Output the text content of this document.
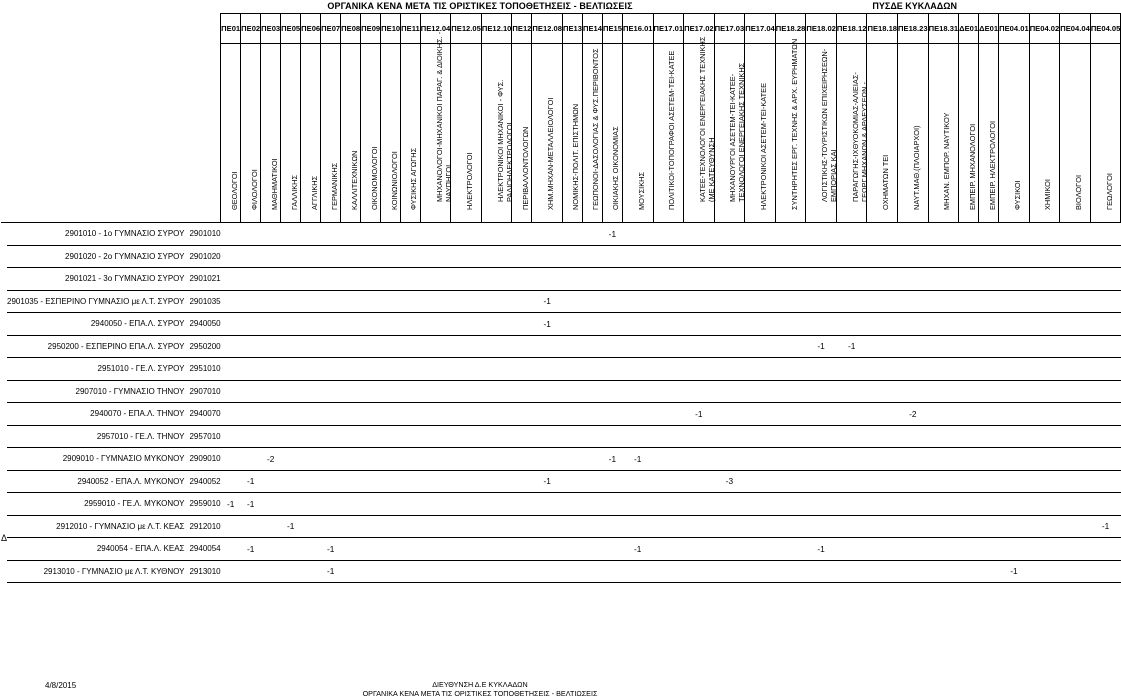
ΟΡΓΑΝΙΚΑ ΚΕΝΑ ΜΕΤΑ ΤΙΣ ΟΡΙΣΤΙΚΕΣ ΤΟΠΟΘΕΤΗΣΕΙΣ - ΒΕΛΤΙΩΣΕΙΣ	ΠΥΣΔΕ ΚΥΚΛΑΔΩΝ
			ΠΕ01	ΠΕ02	ΠΕ03	ΠΕ05	ΠΕ06	ΠΕ07	ΠΕ08	ΠΕ09	ΠΕ10	ΠΕ11	ΠΕ12.04	ΠΕ12.05	ΠΕ12.10	ΠΕ12	ΠΕ12.08	ΠΕ13	ΠΕ14	ΠΕ15	ΠΕ16.01	ΠΕ17.01	ΠΕ17.02	ΠΕ17.03	ΠΕ17.04	ΠΕ18.28	ΠΕ18.02	ΠΕ18.12	ΠΕ18.18	ΠΕ18.23	ΠΕ18.31	ΔΕ01	ΔΕ01	ΠΕ04.01	ΠΕ04.02	ΠΕ04.04	ΠΕ04.05

			ΘΕΟΛΟΓΟΙ	ΦΙΛΟΛΟΓΟΙ	ΜΑΘΗΜΑΤΙΚΟΙ	ΓΑΛΛΙΚΗΣ	ΑΓΓΛΙΚΗΣ	ΓΕΡΜΑΝΙΚΗΣ	ΚΑΛΛΙΤΕΧΝΙΚΩΝ	ΟΙΚΟΝΟΜΟΛΟΓΟΙ	ΚΟΙΝΩΝΙΟΛΟΓΟΙ	ΦΥΣΙΚΗΣ ΑΓΩΓΗΣ	ΜΗΧΑΝΟΛΟΓΟΙ-ΜΗΧΑΝΙΚΟΙ ΠΑΡΑΓ. & ΔΙΟΙΚΗΣ. - ΝΑΥΠΗΓΟΙ	ΗΛΕΚΤΡΟΛΟΓΟΙ	ΗΛΕΚΤΡΟΝΙΚΟΙ ΜΗΧΑΝΙΚΟΙ - ΦΥΣ. ΡΑΔΙΟΗΛΕΚΤΡΟΛΟΓΟΙ	ΠΕΡΙΒΑΛΛΟΝΤΟΛΟΓΩΝ	ΧΗΜ.ΜΗΧΑΝ-ΜΕΤΑΛΛΕΙΟΛΟΓΟΙ	ΝΟΜΙΚΗΣ-ΠΟΛΙΤ. ΕΠΙΣΤΗΜΩΝ	ΓΕΩΠΟΝΟΙ-ΔΑΣΟΛΟΓΙΑΣ & ΦΥΣ.ΠΕΡΙΒΟΝΤΟΣ	ΟΙΚΙΑΚΗΣ ΟΙΚΟΝΟΜΙΑΣ	ΜΟΥΣΙΚΗΣ	ΠΟΛΙΤΙΚΟΙ-ΤΟΠΟΓΡΑΦΟΙ ΑΣΕΤΕΜ-ΤΕΙ-ΚΑΤΕΕ	ΚΑΤΕΕ-ΤΕΧΝΟΛΟΓΟΙ ΕΝΕΡΓΕΙΑΚΗΣ ΤΕΧΝΙΚΗΣ (ΜΕ ΚΑΤΕΥΘΥΝΣΗ	ΜΗΧΑΝΟΥΡΓΟΙ ΑΣΕΤΕΜ-ΤΕΙ-ΚΑΤΕΕ-ΤΕΧΝΟΛΟΓΟΙ ΕΝΕΡΓΕΙΑΚΗΣ ΤΕΧΝΙΚΗΣ	ΗΛΕΚΤΡΟΝΙΚΟΙ ΑΣΕΤΕΜ-ΤΕΙ-ΚΑΤΕΕ	ΣΥΝΤΗΡΗΤΕΣ ΕΡΓ. ΤΕΧΝΗΣ & ΑΡΧ. ΕΥΡΗΜΑΤΩΝ	ΛΟΓΙΣΤΙΚΗΣ-ΤΟΥΡΙΣΤΙΚΩΝ ΕΠΙΧΕΙΡΗΣΕΩΝ-ΕΜΠΟΡΙΑΣ ΚΑΙ	ΠΑΡΑΓΩΓΗΣ-ΙΧΘΥΟΚΟΜΙΑΣ-ΑΛΙΕΙΑΣ-ΓΕΩΡΓ.ΜΗΧΑΝΩΝ & ΑΡΔΕΥΣΕΩΝ -	ΟΧΗΜΑΤΩΝ ΤΕΙ	ΝΑΥΤ.ΜΑΘ.(ΠΛΟΙΑΡΧΟΙ)	ΜΗΧΑΝ. ΕΜΠΟΡ. ΝΑΥΤΙΚΟΥ	ΕΜΠΕΙΡ. ΜΗΧΑΝΟΛΟΓΟΙ	ΕΜΠΕΙΡ. ΗΛΕΚΤΡΟΛΟΓΟΙ	ΦΥΣΙΚΟΙ	ΧΗΜΙΚΟΙ	ΒΙΟΛΟΓΟΙ	ΓΕΩΛΟΓΟΙ

Δ	2901010 - 1ο ΓΥΜΝΑΣΙΟ ΣΥΡΟΥ	2901010																		-1																	
	2901020 - 2ο ΓΥΜΝΑΣΙΟ ΣΥΡΟΥ	2901020																																			
	2901021 - 3ο ΓΥΜΝΑΣΙΟ ΣΥΡΟΥ	2901021																																			
	2901035 - ΕΣΠΕΡΙΝΟ ΓΥΜΝΑΣΙΟ με Λ.Τ. ΣΥΡΟΥ	2901035															-1																				
	2940050 - ΕΠΑ.Λ. ΣΥΡΟΥ	2940050															-1																				
	2950200 - ΕΣΠΕΡΙΝΟ ΕΠΑ.Λ. ΣΥΡΟΥ	2950200																									-1	-1									
	2951010 - ΓΕ.Λ. ΣΥΡΟΥ	2951010																																			
	2907010 - ΓΥΜΝΑΣΙΟ ΤΗΝΟΥ	2907010																																			
	2940070 - ΕΠΑ.Λ. ΤΗΝΟΥ	2940070																					-1							-2							
	2957010 - ΓΕ.Λ. ΤΗΝΟΥ	2957010																																			
	2909010 - ΓΥΜΝΑΣΙΟ ΜΥΚΟΝΟΥ	2909010			-2															-1	-1																
	2940052 - ΕΠΑ.Λ. ΜΥΚΟΝΟΥ	2940052		-1													-1							-3													
	2959010 - ΓΕ.Λ. ΜΥΚΟΝΟΥ	2959010	-1	-1																																	
	2912010 - ΓΥΜΝΑΣΙΟ με Λ.Τ. ΚΕΑΣ	2912010				-1																															-1
	2940054 - ΕΠΑ.Λ. ΚΕΑΣ	2940054		-1				-1													-1						-1										
	2913010 - ΓΥΜΝΑΣΙΟ με Λ.Τ. ΚΥΘΝΟΥ	2913010						-1																										-1			
4/8/2015	ΔΙΕΥΘΥΝΣΗ Δ.Ε ΚΥΚΛΑΔΩΝ
ΟΡΓΑΝΙΚΑ ΚΕΝΑ ΜΕΤΑ ΤΙΣ ΟΡΙΣΤΙΚΕΣ ΤΟΠΟΘΕΤΗΣΕΙΣ - ΒΕΛΤΙΩΣΕΙΣ
